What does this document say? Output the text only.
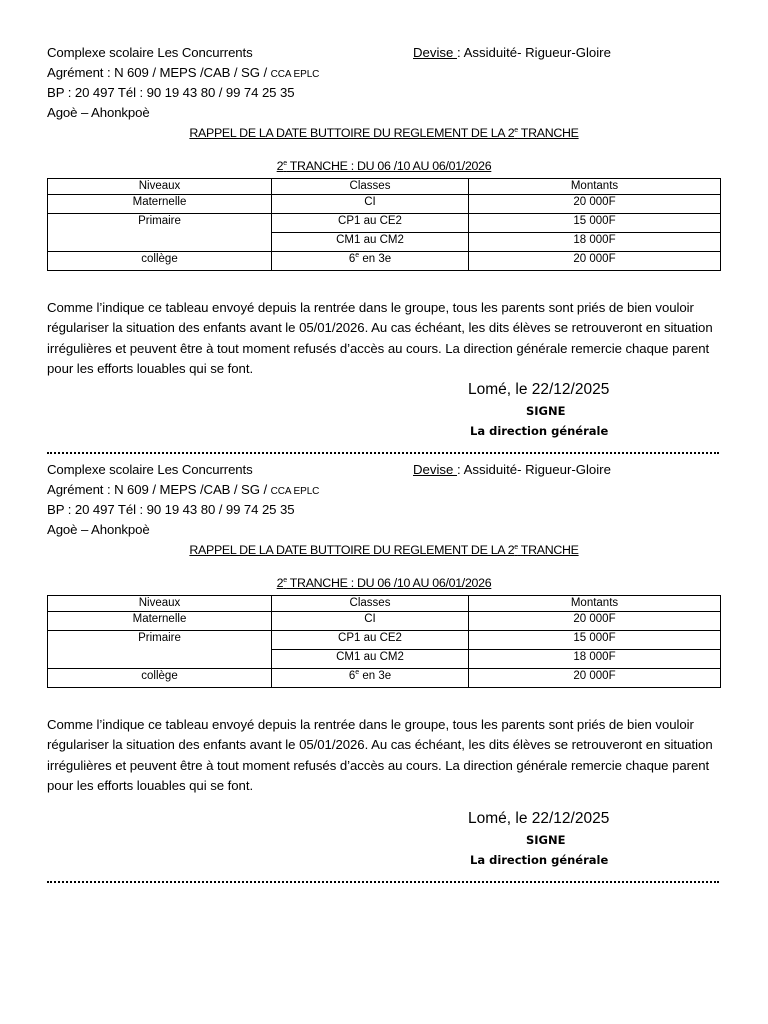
Complexe scolaire Les Concurrents
Agrément : N 609 / MEPS /CAB / SG / CCA EPLC
BP : 20 497 Tél : 90 19 43 80 / 99 74 25 35
Agoè – Ahonkpoè
Devise : Assiduité- Rigueur-Gloire
RAPPEL DE LA DATE BUTTOIRE DU REGLEMENT DE LA 2e TRANCHE
2e TRANCHE : DU 06 /10 AU 06/01/2026
Niveaux	Classes	Montants
Maternelle	CI	20 000F
Primaire	CP1 au CE2	15 000F
	CM1 au CM2	18 000F
collège	6e en 3e	20 000F
Comme l’indique ce tableau envoyé depuis la rentrée dans le groupe, tous les parents sont priés de bien vouloir régulariser la situation des enfants avant le 05/01/2026. Au cas échéant, les dits élèves se retrouveront en situation irrégulières et peuvent être à tout moment refusés d’accès au cours. La direction générale remercie chaque parent pour les efforts louables qui se font.
Lomé, le 22/12/2025
SIGNE
La direction générale
Complexe scolaire Les Concurrents
Agrément : N 609 / MEPS /CAB / SG / CCA EPLC
BP : 20 497 Tél : 90 19 43 80 / 99 74 25 35
Agoè – Ahonkpoè
Devise : Assiduité- Rigueur-Gloire
RAPPEL DE LA DATE BUTTOIRE DU REGLEMENT DE LA 2e TRANCHE
2e TRANCHE : DU 06 /10 AU 06/01/2026
Niveaux	Classes	Montants
Maternelle	CI	20 000F
Primaire	CP1 au CE2	15 000F
	CM1 au CM2	18 000F
collège	6e en 3e	20 000F
Comme l’indique ce tableau envoyé depuis la rentrée dans le groupe, tous les parents sont priés de bien vouloir régulariser la situation des enfants avant le 05/01/2026. Au cas échéant, les dits élèves se retrouveront en situation irrégulières et peuvent être à tout moment refusés d’accès au cours. La direction générale remercie chaque parent pour les efforts louables qui se font.
Lomé, le 22/12/2025
SIGNE
La direction générale
